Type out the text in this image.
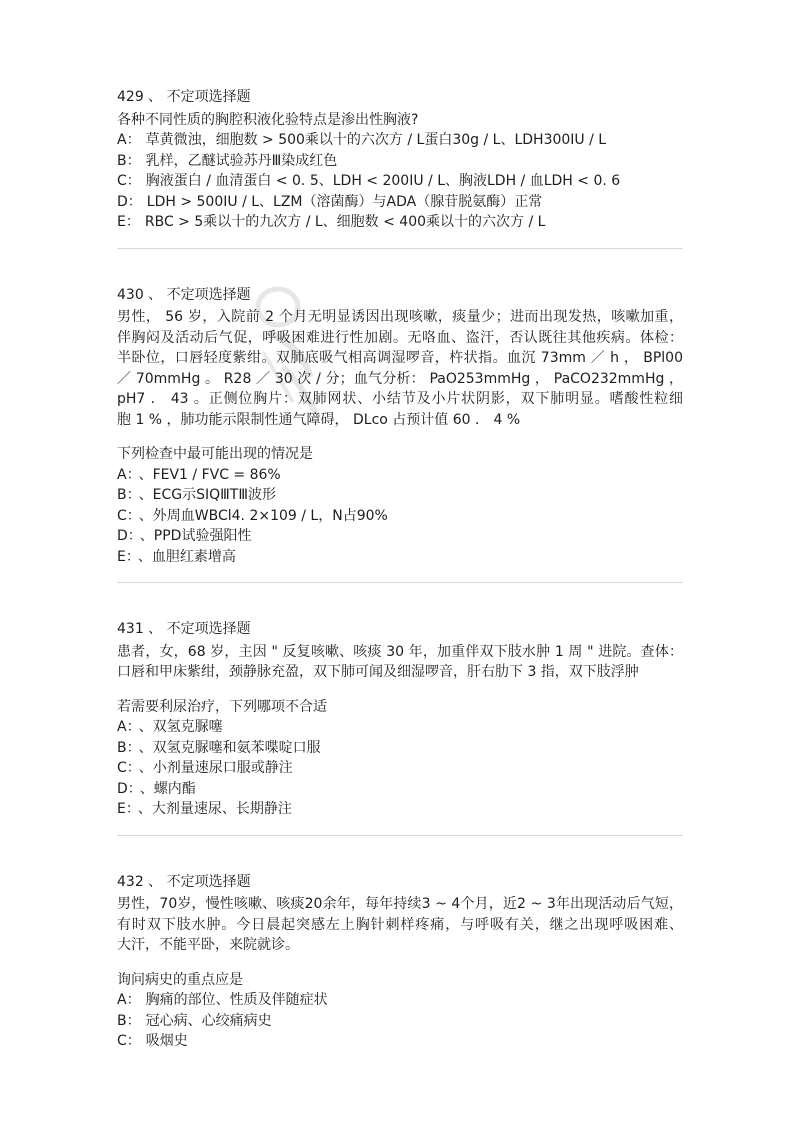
429 、 不定项选择题
各种不同性质的胸腔积液化验特点是渗出性胸液?
A： 草黄微浊，细胞数 > 500乘以十的六次方 / L蛋白30g / L、LDH300IU / L
B： 乳样，乙醚试验苏丹Ⅲ染成红色
C： 胸液蛋白 / 血清蛋白 < 0. 5、LDH < 200IU / L、胸液LDH / 血LDH < 0. 6
D： LDH > 500IU / L、LZM（溶菌酶）与ADA（腺苷脱氨酶）正常
E： RBC > 5乘以十的九次方 / L、细胞数 < 400乘以十的六次方 / L
430 、 不定项选择题
男性， 56 岁，入院前 2 个月无明显诱因出现咳嗽，痰量少；进而出现发热，咳嗽加重，
伴胸闷及活动后气促，呼吸困难进行性加剧。无咯血、盗汗，否认既往其他疾病。体检：
半卧位，口唇轻度紫绀。双肺底吸气相高调湿啰音，杵状指。血沉 73mm ／ h ， BPl00
／ 70mmHg 。 R28 ／ 30 次 / 分；血气分析： PaO253mmHg ， PaCO232mmHg ，
pH7 ． 43 。正侧位胸片：双肺网状、小结节及小片状阴影，双下肺明显。嗜酸性粒细
胞 1 % ，肺功能示限制性通气障碍， DLco 占预计值 60 ． 4 %
下列检查中最可能出现的情况是
A： 、FEV1 / FVC = 86%
B： 、ECG示SⅠQⅢTⅢ波形
C： 、外周血WBCl4. 2×109 / L，N占90%
D： 、PPD试验强阳性
E： 、血胆红素增高
431 、 不定项选择题
患者，女，68 岁，主因 " 反复咳嗽、咳痰 30 年，加重伴双下肢水肿 1 周 " 进院。查体：
口唇和甲床紫绀，颈静脉充盈，双下肺可闻及细湿啰音，肝右肋下 3 指，双下肢浮肿
若需要利尿治疗，下列哪项不合适
A： 、双氢克脲噻
B： 、双氢克脲噻和氨苯喋啶口服
C： 、小剂量速尿口服或静注
D： 、螺内酯
E： 、大剂量速尿、长期静注
432 、 不定项选择题
男性，70岁，慢性咳嗽、咳痰20余年，每年持续3 ~ 4个月，近2 ~ 3年出现活动后气短，
有时双下肢水肿。今日晨起突感左上胸针刺样疼痛，与呼吸有关，继之出现呼吸困难、
大汗，不能平卧，来院就诊。
询问病史的重点应是
A： 胸痛的部位、性质及伴随症状
B： 冠心病、心绞痛病史
C： 吸烟史
